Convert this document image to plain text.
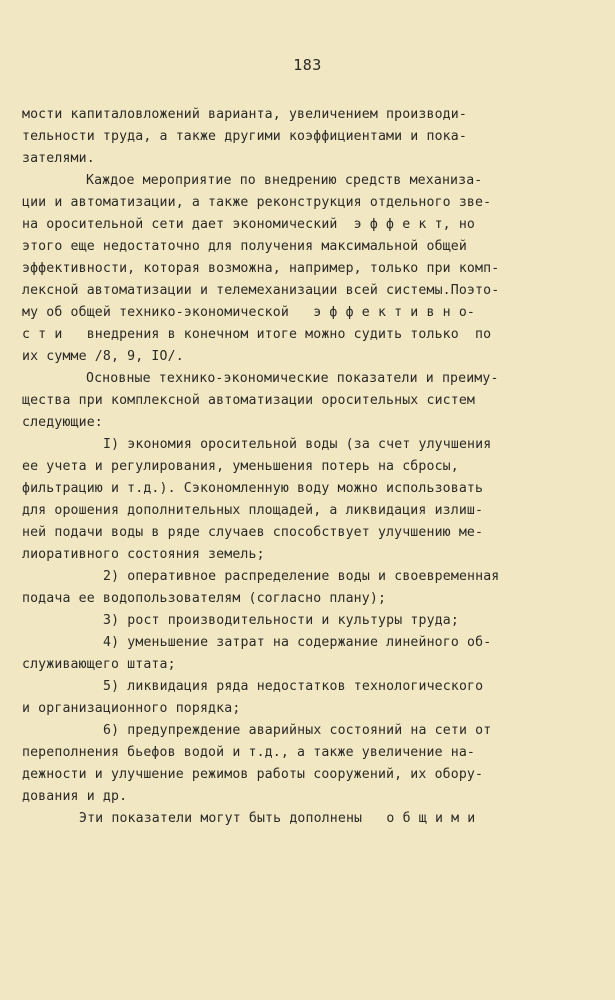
183
мости капиталовложений варианта, увеличением производи-
тельности труда, а также другими коэффициентами и пока-
зателями.
Каждое мероприятие по внедрению средств механиза-
ции и автоматизации, а также реконструкция отдельного зве-
на оросительной сети дает экономический  э ф ф е к т, но
этого еще недостаточно для получения максимальной общей
эффективности, которая возможна, например, только при комп-
лексной автоматизации и телемеханизации всей системы.Поэто-
му об общей технико-экономической   э ф ф е к т и в н о-
с т и   внедрения в конечном итоге можно судить только  по
их сумме /8, 9, IO/.
Основные технико-экономические показатели и преиму-
щества при комплексной автоматизации оросительных систем
следующие:
I) экономия оросительной воды (за счет улучшения
ее учета и регулирования, уменьшения потерь на сбросы,
фильтрацию и т.д.). Сэкономленную воду можно использовать
для орошения дополнительных площадей, а ликвидация излиш-
ней подачи воды в ряде случаев способствует улучшению ме-
лиоративного состояния земель;
2) оперативное распределение воды и своевременная
подача ее водопользователям (согласно плану);
3) рост производительности и культуры труда;
4) уменьшение затрат на содержание линейного об-
служивающего штата;
5) ликвидация ряда недостатков технологического
и организационного порядка;
6) предупреждение аварийных состояний на сети от
переполнения бьефов водой и т.д., а также увеличение на-
дежности и улучшение режимов работы сооружений, их обору-
дования и др.
Эти показатели могут быть дополнены   о б щ и м и
